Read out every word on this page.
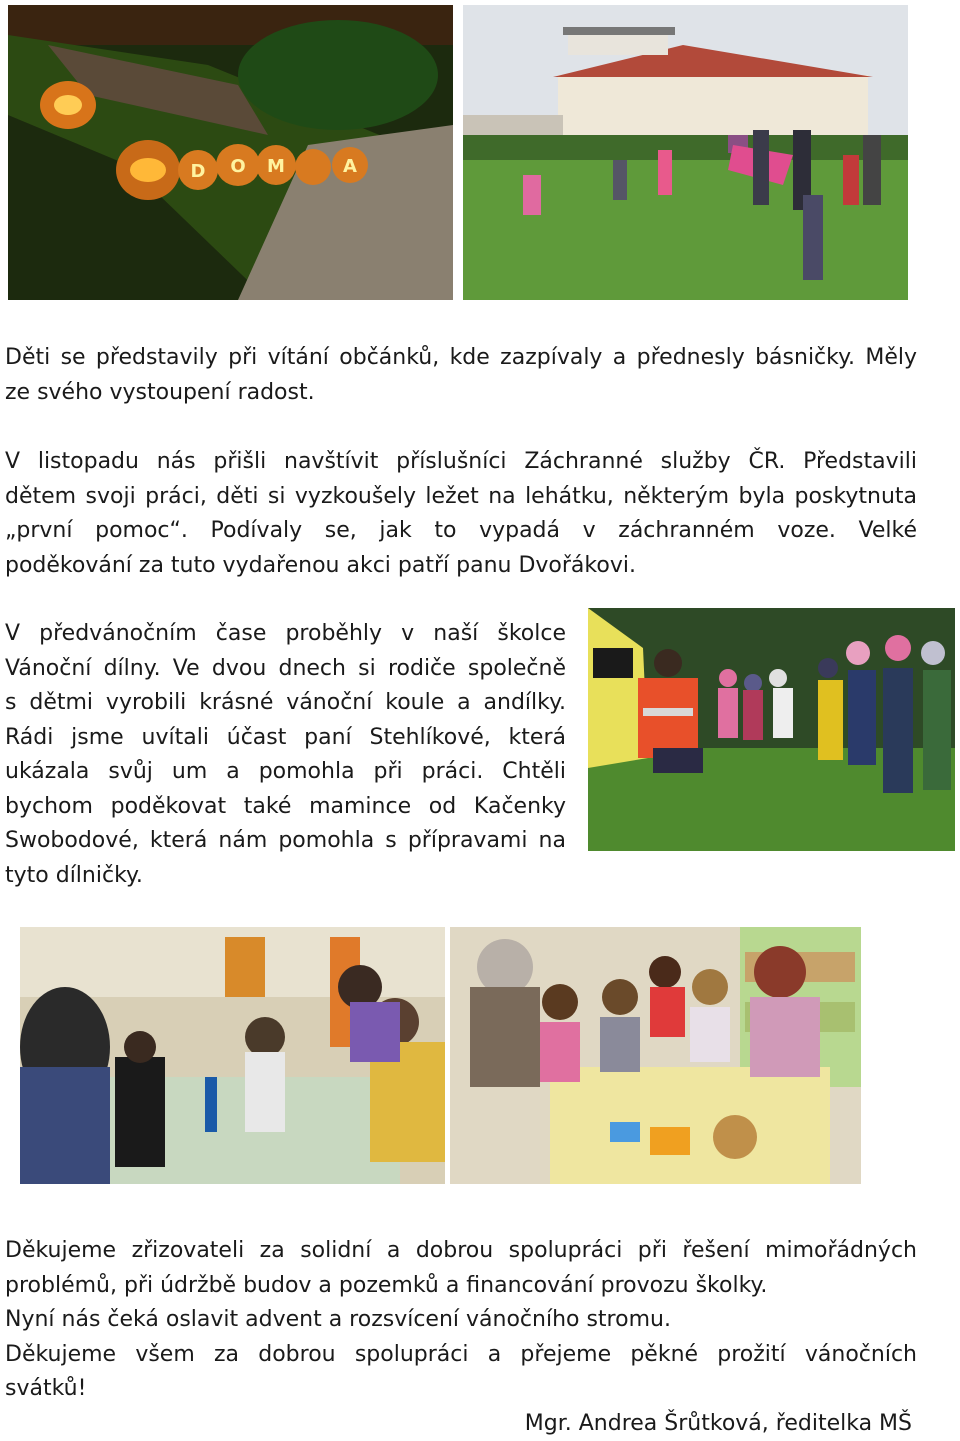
D O M	A
Děti se představily při vítání občánků, kde zazpívaly a přednesly básničky. Měly
ze svého vystoupení radost.
V listopadu nás přišli navštívit příslušníci Záchranné služby ČR. Představili
dětem svoji práci, děti si vyzkoušely ležet na lehátku, některým byla poskytnuta
„první pomoc“. Podívaly se, jak to vypadá v záchranném voze. Velké
poděkování za tuto vydařenou akci patří panu Dvořákovi.
V předvánočním čase proběhly v naší školce
Vánoční dílny. Ve dvou dnech si rodiče společně
s dětmi vyrobili krásné vánoční koule a andílky.
Rádi jsme uvítali účast paní Stehlíkové, která
ukázala svůj um a pomohla při práci. Chtěli
bychom poděkovat také mamince od Kačenky
Swobodové, která nám pomohla s přípravami na
tyto dílničky.
Děkujeme zřizovateli za solidní a dobrou spolupráci při řešení mimořádných
problémů, při údržbě budov a pozemků a financování provozu školky.
Nyní nás čeká oslavit advent a rozsvícení vánočního stromu.
Děkujeme všem za dobrou spolupráci a přejeme pěkné prožití vánočních
svátků!

Mgr. Andrea Šrůtková, ředitelka MŠ
